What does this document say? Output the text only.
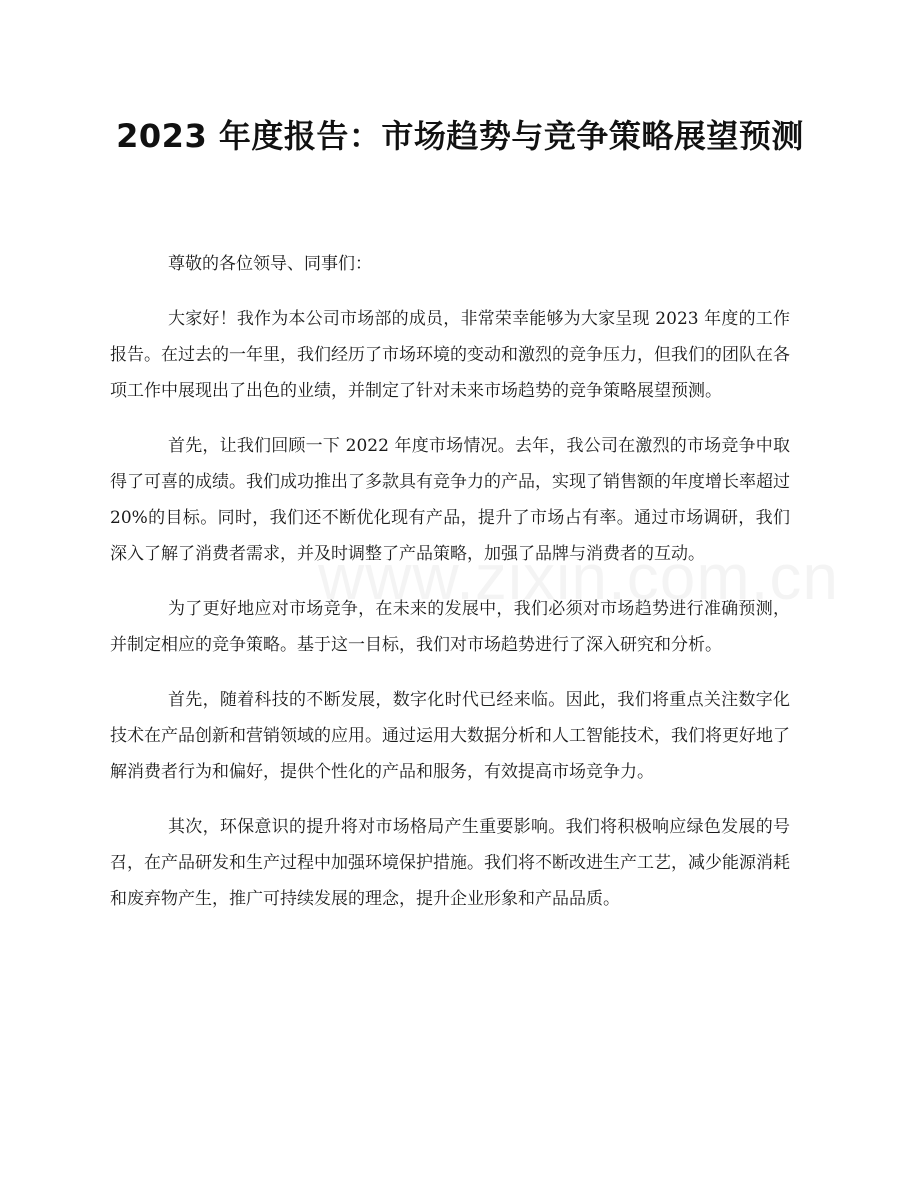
2023 年度报告：市场趋势与竞争策略展望预测

尊敬的各位领导、同事们：

大家好！我作为本公司市场部的成员，非常荣幸能够为大家呈现 2023 年度的工作报告。在过去的一年里，我们经历了市场环境的变动和激烈的竞争压力，但我们的团队在各项工作中展现出了出色的业绩，并制定了针对未来市场趋势的竞争策略展望预测。

首先，让我们回顾一下 2022 年度市场情况。去年，我公司在激烈的市场竞争中取得了可喜的成绩。我们成功推出了多款具有竞争力的产品，实现了销售额的年度增长率超过 20%的目标。同时，我们还不断优化现有产品，提升了市场占有率。通过市场调研，我们深入了解了消费者需求，并及时调整了产品策略，加强了品牌与消费者的互动。

为了更好地应对市场竞争，在未来的发展中，我们必须对市场趋势进行准确预测，并制定相应的竞争策略。基于这一目标，我们对市场趋势进行了深入研究和分析。

首先，随着科技的不断发展，数字化时代已经来临。因此，我们将重点关注数字化技术在产品创新和营销领域的应用。通过运用大数据分析和人工智能技术，我们将更好地了解消费者行为和偏好，提供个性化的产品和服务，有效提高市场竞争力。

其次，环保意识的提升将对市场格局产生重要影响。我们将积极响应绿色发展的号召，在产品研发和生产过程中加强环境保护措施。我们将不断改进生产工艺，减少能源消耗和废弃物产生，推广可持续发展的理念，提升企业形象和产品品质。
